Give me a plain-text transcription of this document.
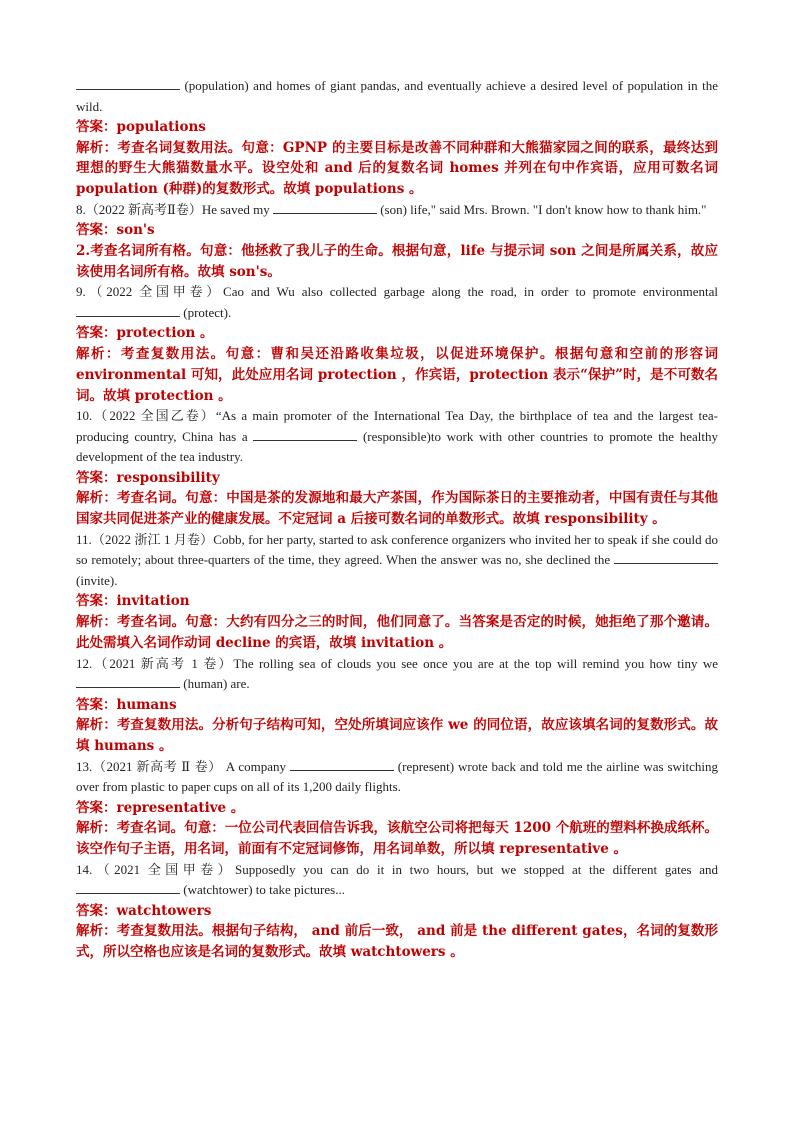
(population) and homes of giant pandas, and eventually achieve a desired level of population in the wild.
答案：populations
解析：考查名词复数用法。句意：GPNP 的主要目标是改善不同种群和大熊猫家园之间的联系，最终达到理想的野生大熊猫数量水平。设空处和 and 后的复数名词 homes 并列在句中作宾语，应用可数名词 population (种群)的复数形式。故填 populations 。
8.（2022 新高考Ⅱ卷）He saved my	(son) life," said Mrs. Brown. "I don't know how to thank him."
答案：son's
2.考查名词所有格。句意：他拯救了我儿子的生命。根据句意，life 与提示词 son 之间是所属关系，故应该使用名词所有格。故填 son's。
9.（2022 全国甲卷）Cao and Wu also collected garbage along the road, in order to promote environmental  (protect).
答案：protection 。
解析：考查复数用法。句意：曹和吴还沿路收集垃圾，以促进环境保护。根据句意和空前的形容词 environmental 可知，此处应用名词 protection ，作宾语，protection 表示“保护”时，是不可数名词。故填 protection 。
10.（2022 全国乙卷）“As a main promoter of the International Tea Day, the birthplace of tea and the largest tea-producing country, China has a	(responsible)to work with other countries to promote the healthy development of the tea industry.
答案：responsibility
解析：考查名词。句意：中国是茶的发源地和最大产茶国，作为国际茶日的主要推动者，中国有责任与其他国家共同促进茶产业的健康发展。不定冠词 a 后接可数名词的单数形式。故填 responsibility 。
11.（2022 浙江 1 月卷）Cobb, for her party, started to ask conference organizers who invited her to speak if she could do so remotely; about three-quarters of the time, they agreed. When the answer was no, she declined the  (invite).
答案：invitation
解析：考查名词。句意：大约有四分之三的时间，他们同意了。当答案是否定的时候，她拒绝了那个邀请。此处需填入名词作动词 decline 的宾语，故填 invitation 。
12.（2021 新高考 1 卷）The rolling sea of clouds you see once you are at the top will remind you how tiny we  (human) are.
答案：humans
解析：考查复数用法。分析句子结构可知，空处所填词应该作 we 的同位语，故应该填名词的复数形式。故填 humans 。
13.（2021 新高考 Ⅱ 卷） A company	(represent) wrote back and told me the airline was switching over from plastic to paper cups on all of its 1,200 daily flights.
答案：representative 。
解析：考查名词。句意：一位公司代表回信告诉我，该航空公司将把每天 1200 个航班的塑料杯换成纸杯。该空作句子主语，用名词，前面有不定冠词修饰，用名词单数，所以填 representative 。
14.（2021 全国甲卷）Supposedly you can do it in two hours, but we stopped at the different gates and (watchtower) to take pictures...
答案：watchtowers
解析：考查复数用法。根据句子结构， and 前后一致， and 前是 the different gates，名词的复数形式，所以空格也应该是名词的复数形式。故填 watchtowers 。
